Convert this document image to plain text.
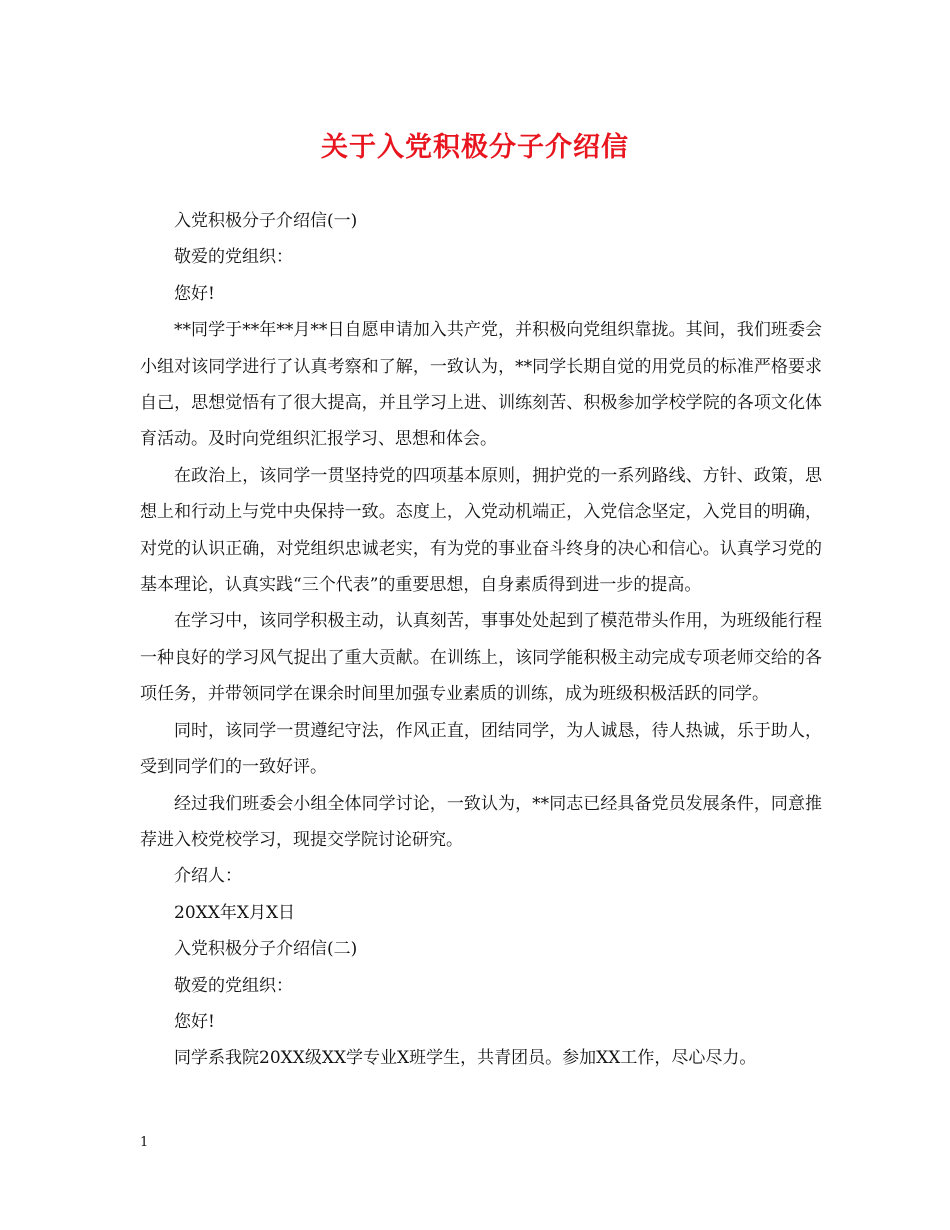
关于入党积极分子介绍信

入党积极分子介绍信(一)

敬爱的党组织：

您好!

**同学于**年**月**日自愿申请加入共产党，并积极向党组织靠拢。其间，我们班委会小组对该同学进行了认真考察和了解，一致认为，**同学长期自觉的用党员的标准严格要求自己，思想觉悟有了很大提高，并且学习上进、训练刻苦、积极参加学校学院的各项文化体育活动。及时向党组织汇报学习、思想和体会。

在政治上，该同学一贯坚持党的四项基本原则，拥护党的一系列路线、方针、政策，思想上和行动上与党中央保持一致。态度上，入党动机端正，入党信念坚定，入党目的明确，对党的认识正确，对党组织忠诚老实，有为党的事业奋斗终身的决心和信心。认真学习党的基本理论，认真实践“三个代表”的重要思想，自身素质得到进一步的提高。

在学习中，该同学积极主动，认真刻苦，事事处处起到了模范带头作用，为班级能行程一种良好的学习风气捉出了重大贡献。在训练上，该同学能积极主动完成专项老师交给的各项任务，并带领同学在课余时间里加强专业素质的训练，成为班级积极活跃的同学。

同时，该同学一贯遵纪守法，作风正直，团结同学，为人诚恳，待人热诚，乐于助人，受到同学们的一致好评。

经过我们班委会小组全体同学讨论，一致认为，**同志已经具备党员发展条件，同意推荐进入校党校学习，现提交学院讨论研究。

介绍人：

20XX年X月X日

入党积极分子介绍信(二)

敬爱的党组织：

您好!

同学系我院20XX级XX学专业X班学生，共青团员。参加XX工作，尽心尽力。

1
